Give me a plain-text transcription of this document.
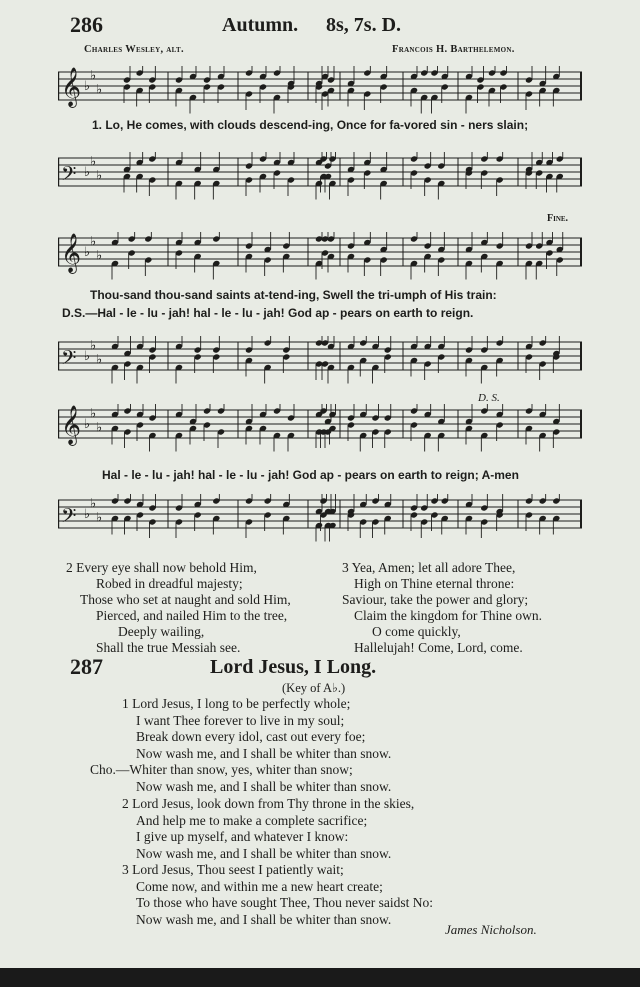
286	Autumn. 8s, 7s. D.
Charles Wesley, alt.	Francois H. Barthelemon.
𝄞 ♭
♭
♭
1. Lo, He comes, with clouds descend-ing, Once for fa-vored sin - ners slain;
𝄢 ♭
♭
♭
Fine.
𝄞 ♭
♭
♭
Thou-sand thou-sand saints at-tend-ing, Swell the tri-umph of His train:
D.S.—Hal - le - lu - jah! hal - le - lu - jah! God ap - pears on earth to reign.
𝄢 ♭
♭
♭
D. S.
𝄞 ♭
♭
♭
Hal - le - lu - jah! hal - le - lu - jah! God ap - pears on earth to reign; A-men
𝄢 ♭
♭
♭
2 Every eye shall now behold Him,
Robed in dreadful majesty;
Those who set at naught and sold Him,
Pierced, and nailed Him to the tree,
Deeply wailing,
Shall the true Messiah see.
3 Yea, Amen; let all adore Thee,
High on Thine eternal throne:
Saviour, take the power and glory;
Claim the kingdom for Thine own.
O come quickly,
Hallelujah! Come, Lord, come.
287	Lord Jesus, I Long.
(Key of A♭.)
1 Lord Jesus, I long to be perfectly whole;
I want Thee forever to live in my soul;
Break down every idol, cast out every foe;
Now wash me, and I shall be whiter than snow.
Cho.—Whiter than snow, yes, whiter than snow;
Now wash me, and I shall be whiter than snow.
2 Lord Jesus, look down from Thy throne in the skies,
And help me to make a complete sacrifice;
I give up myself, and whatever I know:
Now wash me, and I shall be whiter than snow.
3 Lord Jesus, Thou seest I patiently wait;
Come now, and within me a new heart create;
To those who have sought Thee, Thou never saidst No:
Now wash me, and I shall be whiter than snow.
James Nicholson.
